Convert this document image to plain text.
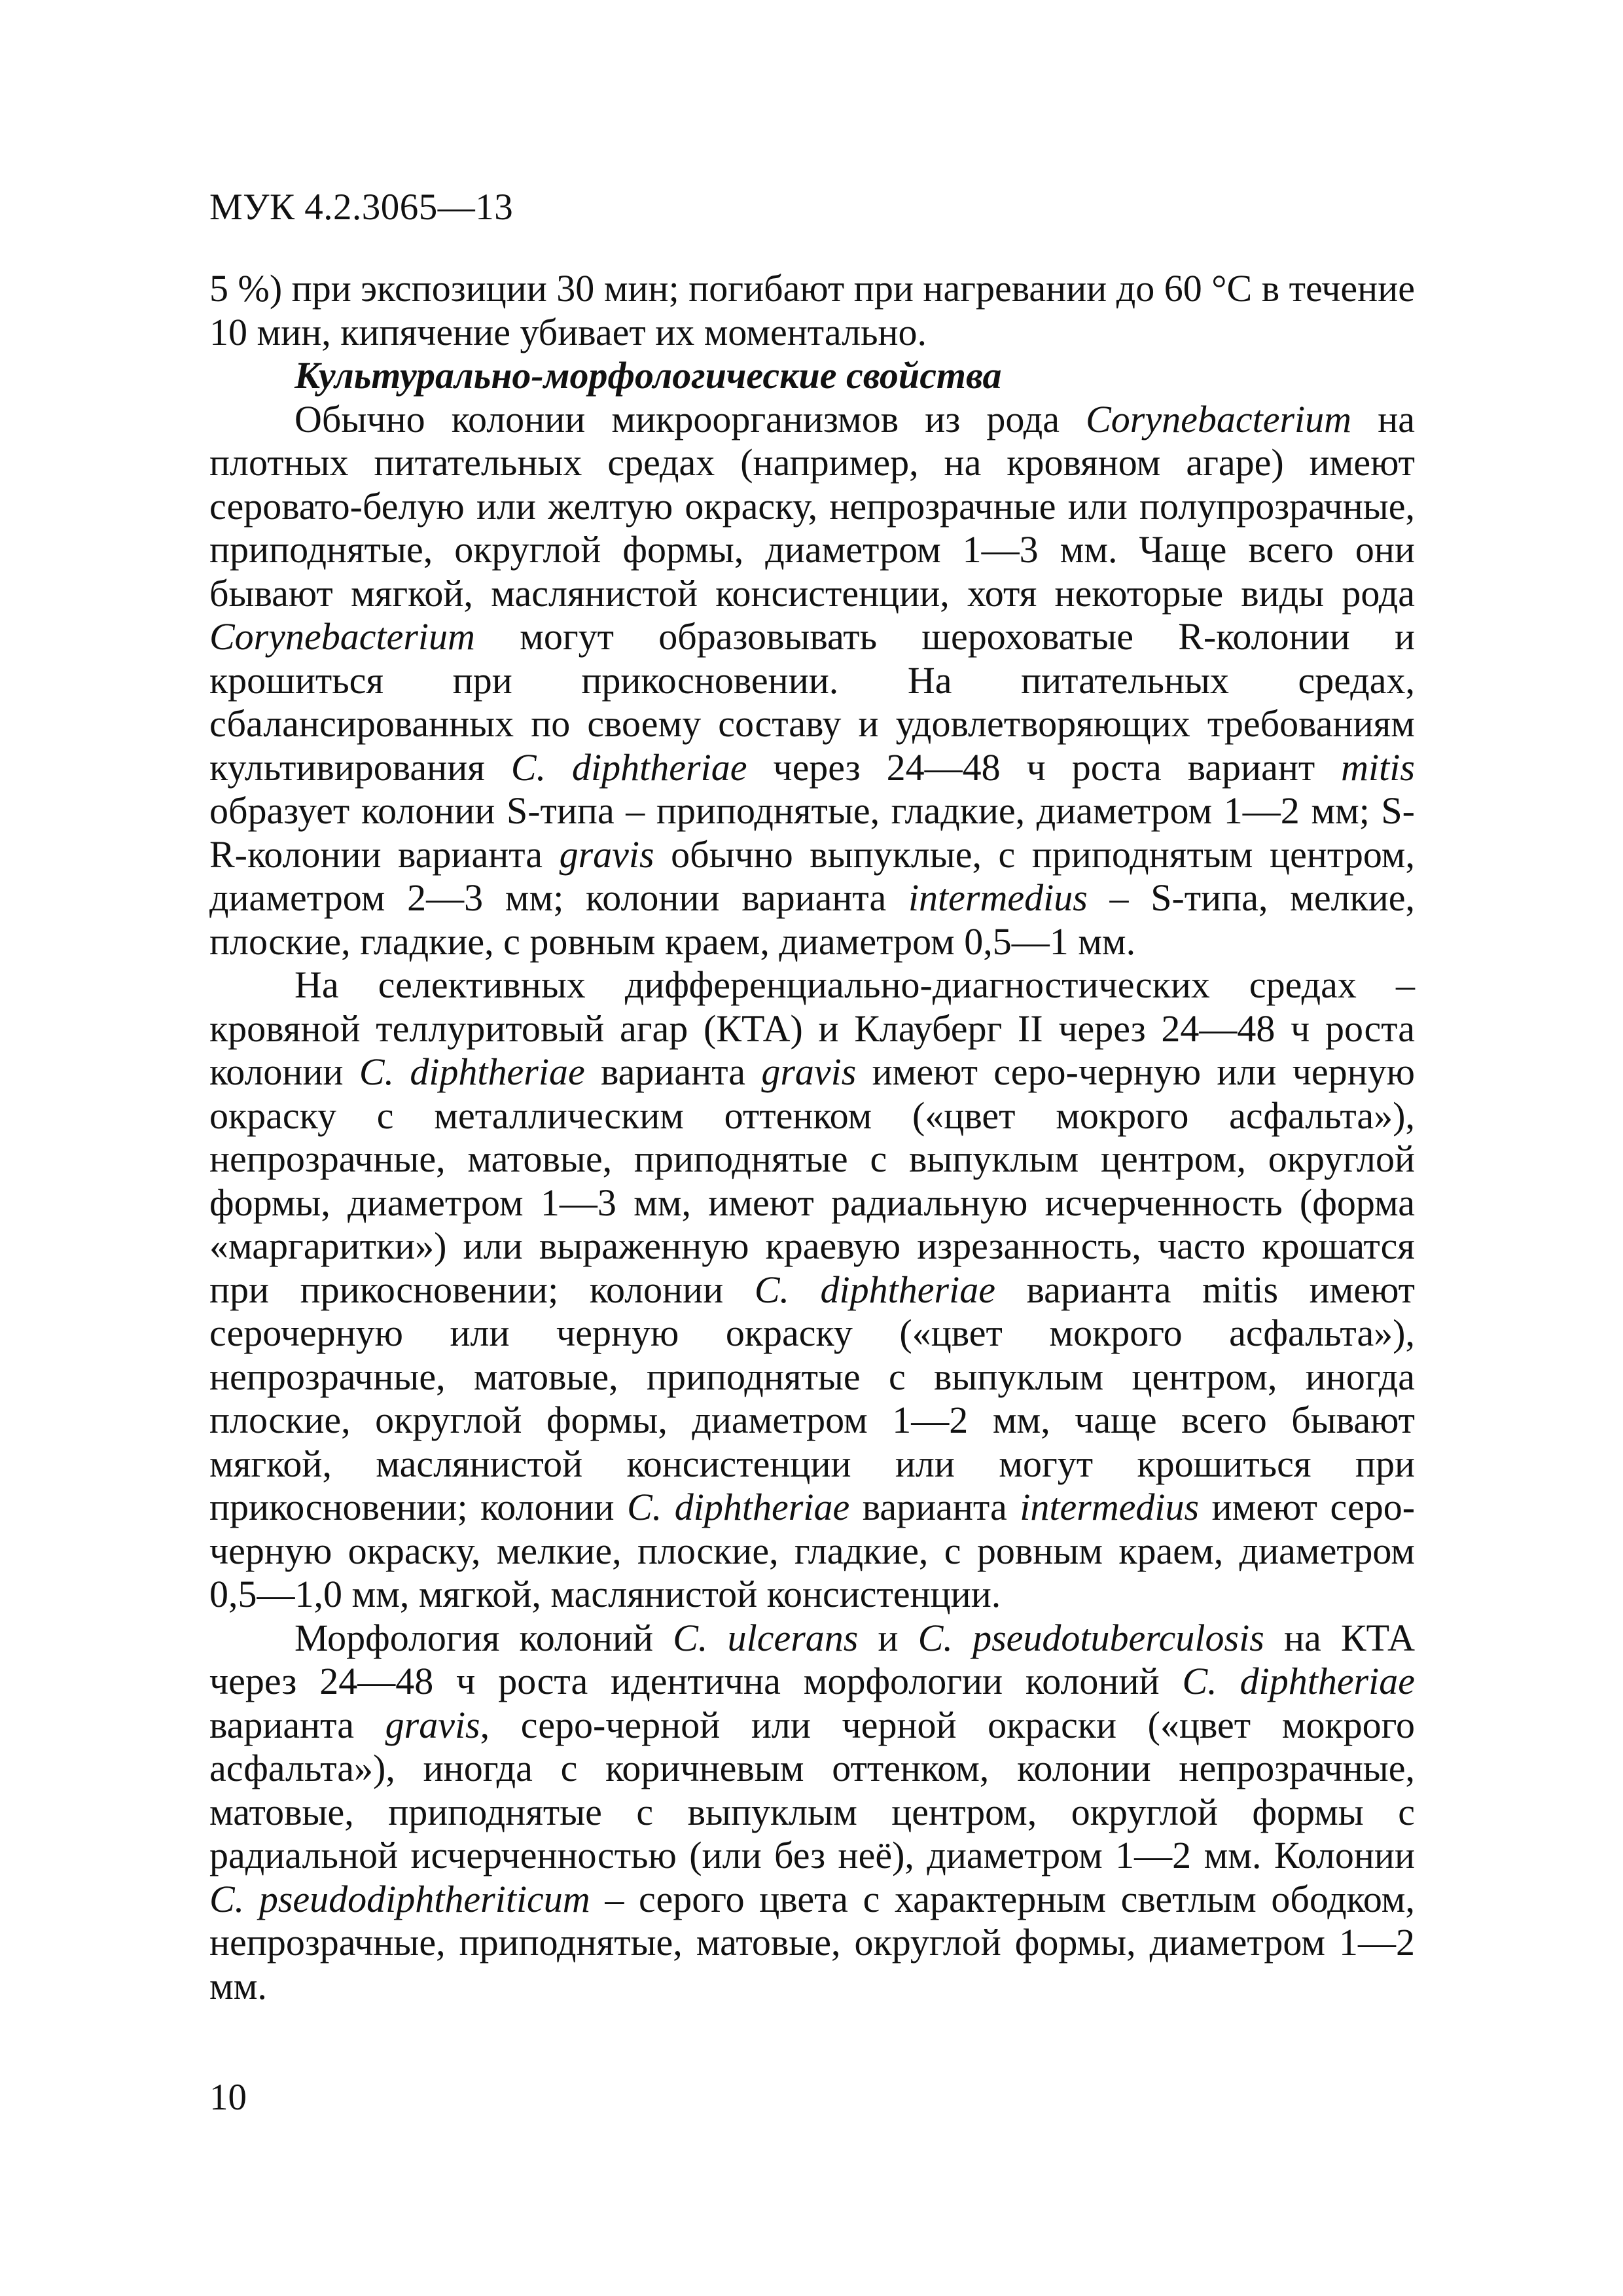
МУК 4.2.3065—13

5 %) при экспозиции 30 мин; погибают при нагревании до 60 °С в течение 10 мин, кипячение убивает их моментально.

Культурально-морфологические свойства

Обычно колонии микроорганизмов из рода Corynebacterium на плотных питательных средах (например, на кровяном агаре) имеют серовато-белую или желтую окраску, непрозрачные или полупрозрачные, приподнятые, округлой формы, диаметром 1—3 мм. Чаще всего они бывают мягкой, маслянистой консистенции, хотя некоторые виды рода Corynebacterium могут образовывать шероховатые R-колонии и крошиться при прикосновении. На питательных средах, сбалансированных по своему составу и удовлетворяющих требованиям культивирования C. diphtheriae через 24—48 ч роста вариант mitis образует колонии S-типа – приподнятые, гладкие, диаметром 1—2 мм; S-R-колонии варианта gravis обычно выпуклые, с приподнятым центром, диаметром 2—3 мм; колонии варианта intermedius – S-типа, мелкие, плоские, гладкие, с ровным краем, диаметром 0,5—1 мм.

На селективных дифференциально-диагностических средах – кровяной теллуритовый агар (КТА) и Клауберг II через 24—48 ч роста колонии C. diphtheriae варианта gravis имеют серо-черную или черную окраску с металлическим оттенком («цвет мокрого асфальта»), непрозрачные, матовые, приподнятые с выпуклым центром, округлой формы, диаметром 1—3 мм, имеют радиальную исчерченность (форма «маргаритки») или выраженную краевую изрезанность, часто крошатся при прикосновении; колонии C. diphtheriae варианта mitis имеют серочерную или черную окраску («цвет мокрого асфальта»), непрозрачные, матовые, приподнятые с выпуклым центром, иногда плоские, округлой формы, диаметром 1—2 мм, чаще всего бывают мягкой, маслянистой консистенции или могут крошиться при прикосновении; колонии C. diphtheriae варианта intermedius имеют серо-черную окраску, мелкие, плоские, гладкие, с ровным краем, диаметром 0,5—1,0 мм, мягкой, маслянистой консистенции.

Морфология колоний C. ulcerans и C. pseudotuberculosis на КТА через 24—48 ч роста идентична морфологии колоний C. diphtheriae варианта gravis, серо-черной или черной окраски («цвет мокрого асфальта»), иногда с коричневым оттенком, колонии непрозрачные, матовые, приподнятые с выпуклым центром, округлой формы с радиальной исчерченностью (или без неё), диаметром 1—2 мм. Колонии C. pseudodiphtheriticum – серого цвета с характерным светлым ободком, непрозрачные, приподнятые, матовые, округлой формы, диаметром 1—2 мм.

10
